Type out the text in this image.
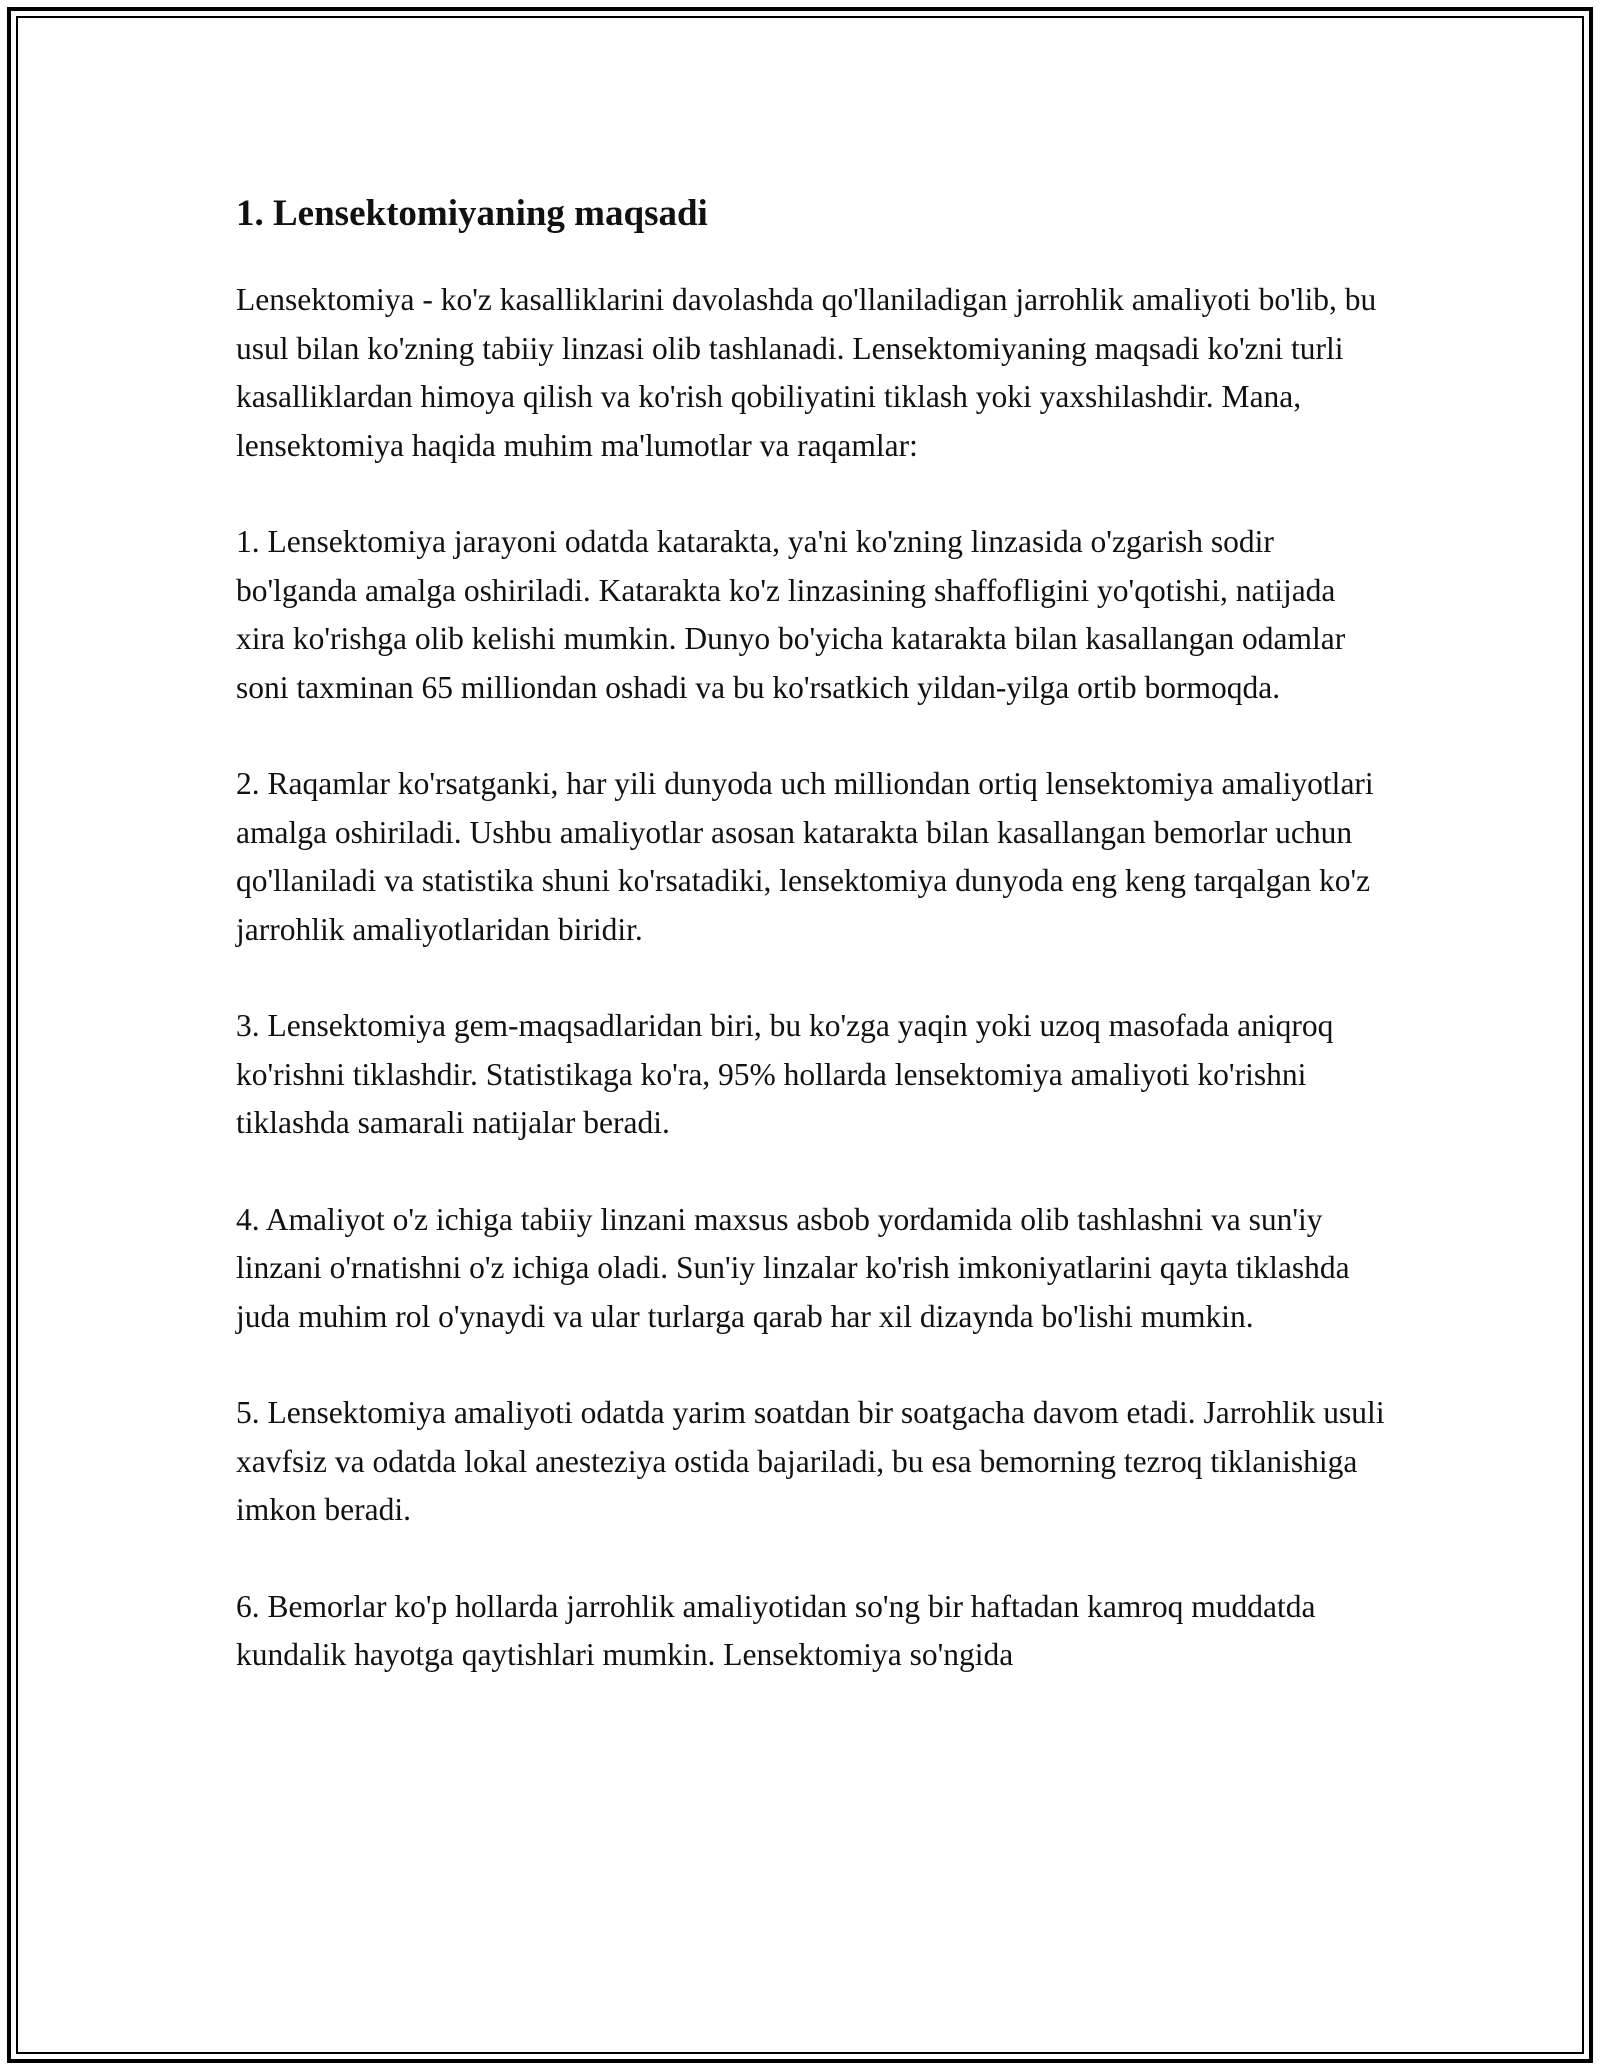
1. Lensektomiyaning maqsadi

Lensektomiya - ko'z kasalliklarini davolashda qo'llaniladigan jarrohlik amaliyoti bo'lib, bu usul bilan ko'zning tabiiy linzasi olib tashlanadi. Lensektomiyaning maqsadi ko'zni turli kasalliklardan himoya qilish va ko'rish qobiliyatini tiklash yoki yaxshilashdir. Mana, lensektomiya haqida muhim ma'lumotlar va raqamlar:

1. Lensektomiya jarayoni odatda katarakta, ya'ni ko'zning linzasida o'zgarish sodir bo'lganda amalga oshiriladi. Katarakta ko'z linzasining shaffofligini yo'qotishi, natijada xira ko'rishga olib kelishi mumkin. Dunyo bo'yicha katarakta bilan kasallangan odamlar soni taxminan 65 milliondan oshadi va bu ko'rsatkich yildan-yilga ortib bormoqda.

2. Raqamlar ko'rsatganki, har yili dunyoda uch milliondan ortiq lensektomiya amaliyotlari amalga oshiriladi. Ushbu amaliyotlar asosan katarakta bilan kasallangan bemorlar uchun qo'llaniladi va statistika shuni ko'rsatadiki, lensektomiya dunyoda eng keng tarqalgan ko'z jarrohlik amaliyotlaridan biridir.

3. Lensektomiya gem-maqsadlaridan biri, bu ko'zga yaqin yoki uzoq masofada aniqroq ko'rishni tiklashdir. Statistikaga ko'ra, 95% hollarda lensektomiya amaliyoti ko'rishni tiklashda samarali natijalar beradi.

4. Amaliyot o'z ichiga tabiiy linzani maxsus asbob yordamida olib tashlashni va sun'iy linzani o'rnatishni o'z ichiga oladi. Sun'iy linzalar ko'rish imkoniyatlarini qayta tiklashda juda muhim rol o'ynaydi va ular turlarga qarab har xil dizaynda bo'lishi mumkin.

5. Lensektomiya amaliyoti odatda yarim soatdan bir soatgacha davom etadi. Jarrohlik usuli xavfsiz va odatda lokal anesteziya ostida bajariladi, bu esa bemorning tezroq tiklanishiga imkon beradi.

6. Bemorlar ko'p hollarda jarrohlik amaliyotidan so'ng bir haftadan kamroq muddatda kundalik hayotga qaytishlari mumkin. Lensektomiya so'ngida
